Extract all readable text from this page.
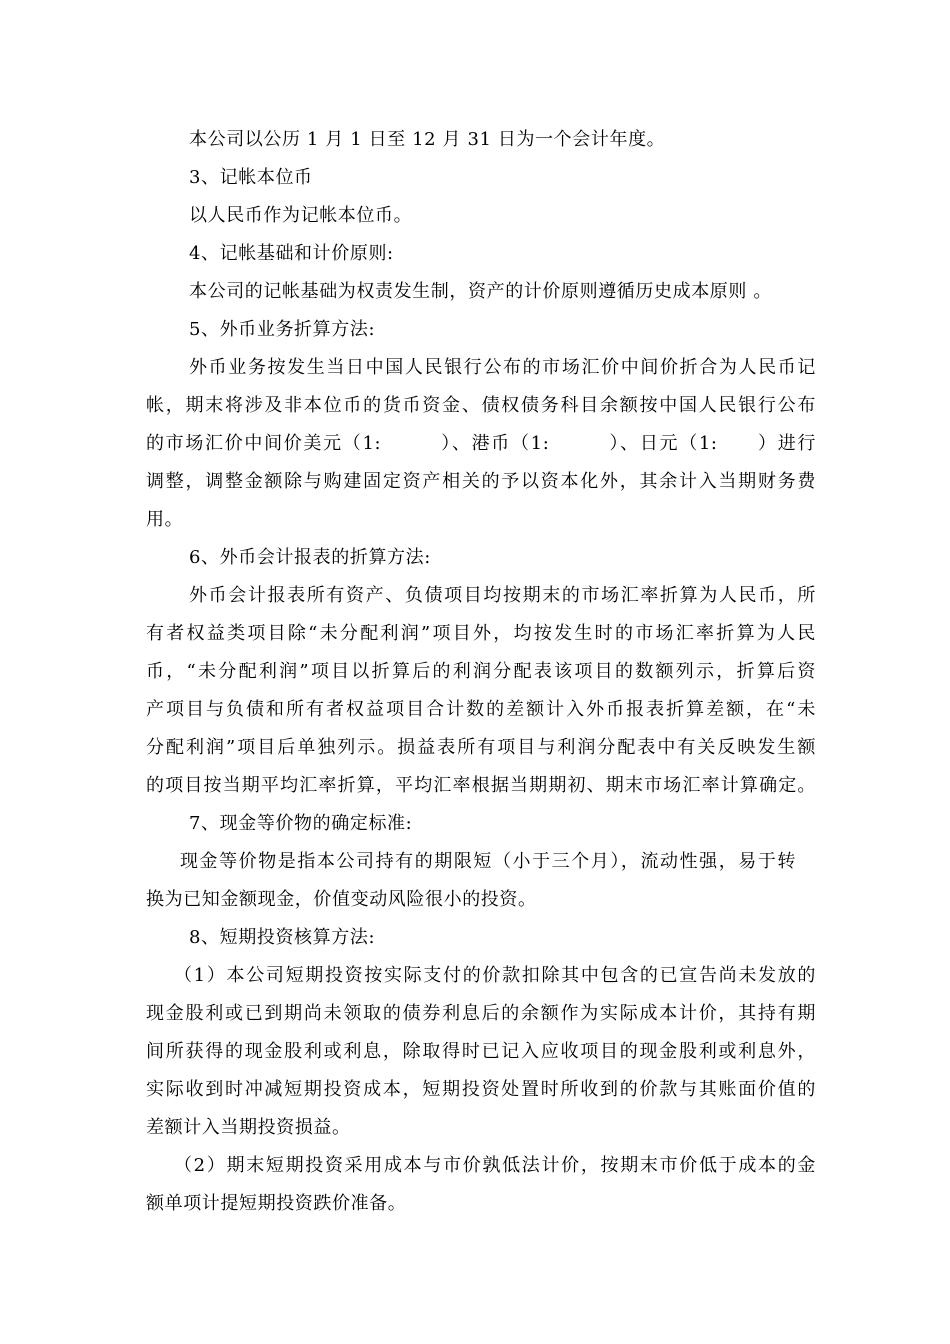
本公司以公历 1 月 1 日至 12 月 31 日为一个会计年度。
3、记帐本位币
以人民币作为记帐本位币。
4、记帐基础和计价原则:
本公司的记帐基础为权责发生制，资产的计价原则遵循历史成本原则 。
5、外币业务折算方法:
外币业务按发生当日中国人民银行公布的市场汇价中间价折合为人民币记
帐，期末将涉及非本位币的货币资金、债权债务科目余额按中国人民银行公布
的市场汇价中间价美元（1:　　　）、港币（1:　　　）、日元（1:　　）进行
调整，调整金额除与购建固定资产相关的予以资本化外，其余计入当期财务费
用。
6、外币会计报表的折算方法:
外币会计报表所有资产、负债项目均按期末的市场汇率折算为人民币，所
有者权益类项目除“未分配利润”项目外，均按发生时的市场汇率折算为人民
币，“未分配利润”项目以折算后的利润分配表该项目的数额列示，折算后资
产项目与负债和所有者权益项目合计数的差额计入外币报表折算差额，在“未
分配利润”项目后单独列示。损益表所有项目与利润分配表中有关反映发生额
的项目按当期平均汇率折算，平均汇率根据当期期初、期末市场汇率计算确定。
7、现金等价物的确定标准:
现金等价物是指本公司持有的期限短（小于三个月），流动性强，易于转
换为已知金额现金，价值变动风险很小的投资。
8、短期投资核算方法:
（1）本公司短期投资按实际支付的价款扣除其中包含的已宣告尚未发放的
现金股利或已到期尚未领取的债券利息后的余额作为实际成本计价，其持有期
间所获得的现金股利或利息，除取得时已记入应收项目的现金股利或利息外，
实际收到时冲减短期投资成本，短期投资处置时所收到的价款与其账面价值的
差额计入当期投资损益。
（2）期末短期投资采用成本与市价孰低法计价，按期末市价低于成本的金
额单项计提短期投资跌价准备。
